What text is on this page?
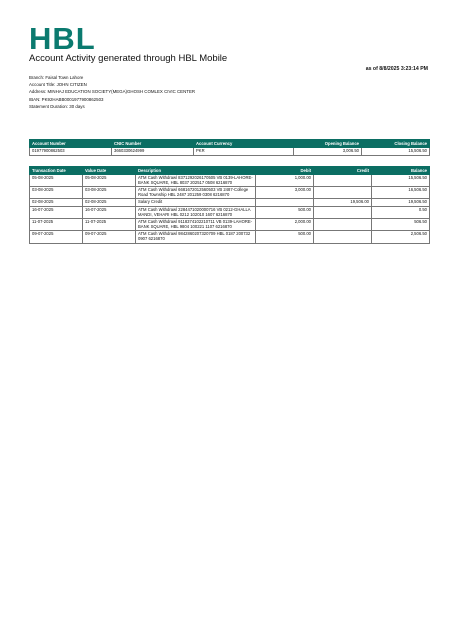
HBL
Account Activity generated through HBL Mobile
as of 8/8/2025 3:23:14 PM
Branch: Faisal Town Lahore
Account Title: JOHN CITIZEN
Address: MINHAJ EDUCATION SOCIETY(MEGA)GHOSH COMLEX CIVIC CENTER
IBAN: PK92HABB0001977900862503
Statement Duration: 30 days
Account Number	CNIC Number	Account Currency	Opening Balance	Closing Balance
01977900862503	3660330624999	PKR	3,006.50	15,506.50
Transaction Date	Value Date	Description	Debit	Credit	Balance
05-08-2025	05-08-2025	ATM Cash Withdrawl 8371292026170505 VB 0139-LAHORE-BANK SQUARE, HBL 8037 202517 0508 6216870	1,000.00		15,506.50
03-08-2025	03-08-2025	ATM Cash Withdrawl 6681672012560503 VB 2487-College Road Township HBL 2487 201259 0308 6216870	3,000.00		16,506.50
02-08-2025	02-08-2025	Salary Credit		19,506.00	19,506.50
16-07-2025	16-07-2025	ATM Cash Withdrawl 2284471020000716 VB 0212-GHALLA MANDI, VEHARI HBL 0212 102010 1607 6216870	500.00		0.50
11-07-2025	11-07-2025	ATM Cash Withdrawl 9118374102210711 VB 0139-LAHORE-BANK SQUARE, HBL 9804 100221 1107 6216870	2,000.00		506.50
09-07-2025	09-07-2025	ATM Cash Withdrawl 9842860207320709 HBL 0187 200732 0907 6216870	500.00		2,506.50
